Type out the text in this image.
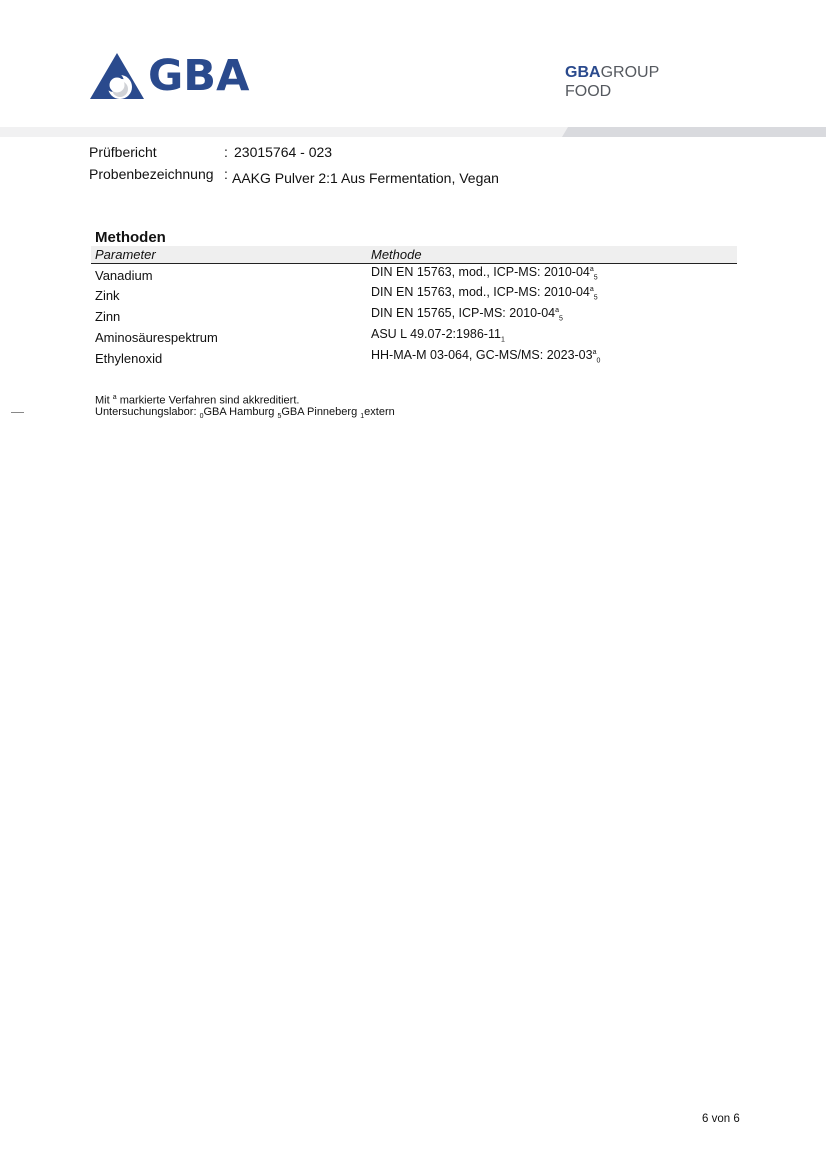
GBA	GBAGROUP
FOOD
Prüfbericht	: 23015764 - 023
Probenbezeichnung : AAKG Pulver 2:1 Aus Fermentation, Vegan
Methoden
Parameter	Methode
Vanadium	DIN EN 15763, mod., ICP-MS: $2010-04^a_5$
Zink	DIN EN 15763, mod., ICP-MS: $2010-04^a_5$
Zinn	DIN EN 15765, ICP-MS: $2010-04^a_5$
Aminosäurespektrum	ASU L $49.07-2:1986-11_1$
Ethylenoxid	HH-MA-M 03-064, GC-MS/MS: $2023-03^a_0$
Mit $^a$ markierte Verfahren sind akkreditiert.
Untersuchungslabor: $_0$GBA Hamburg $_5$GBA Pinneberg $_1$extern
6 von 6
